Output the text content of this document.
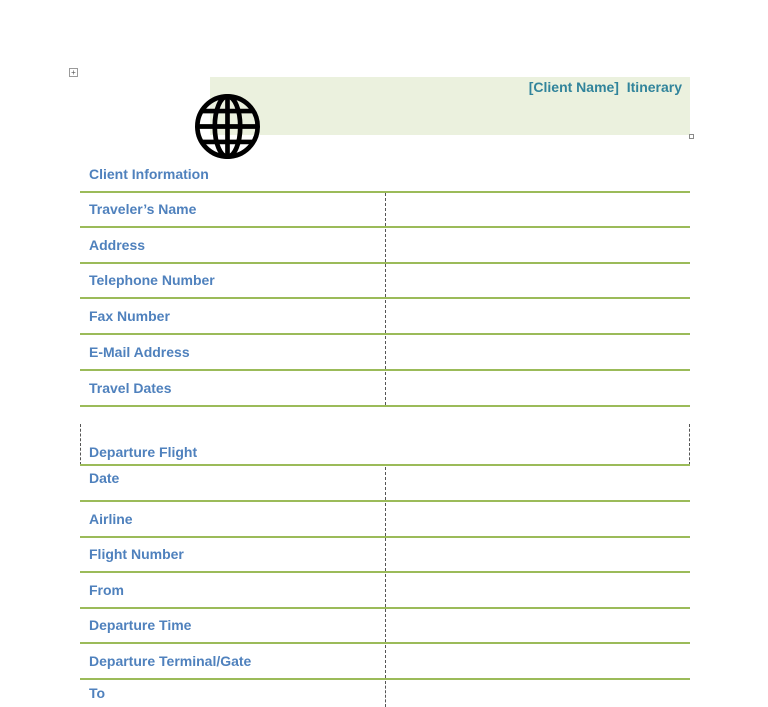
+
[Client Name]  Itinerary
Client Information
Traveler’s Name
Address
Telephone Number
Fax Number
E-Mail Address
Travel Dates
Departure Flight
Date
Airline
Flight Number
From
Departure Time
Departure Terminal/Gate
To
